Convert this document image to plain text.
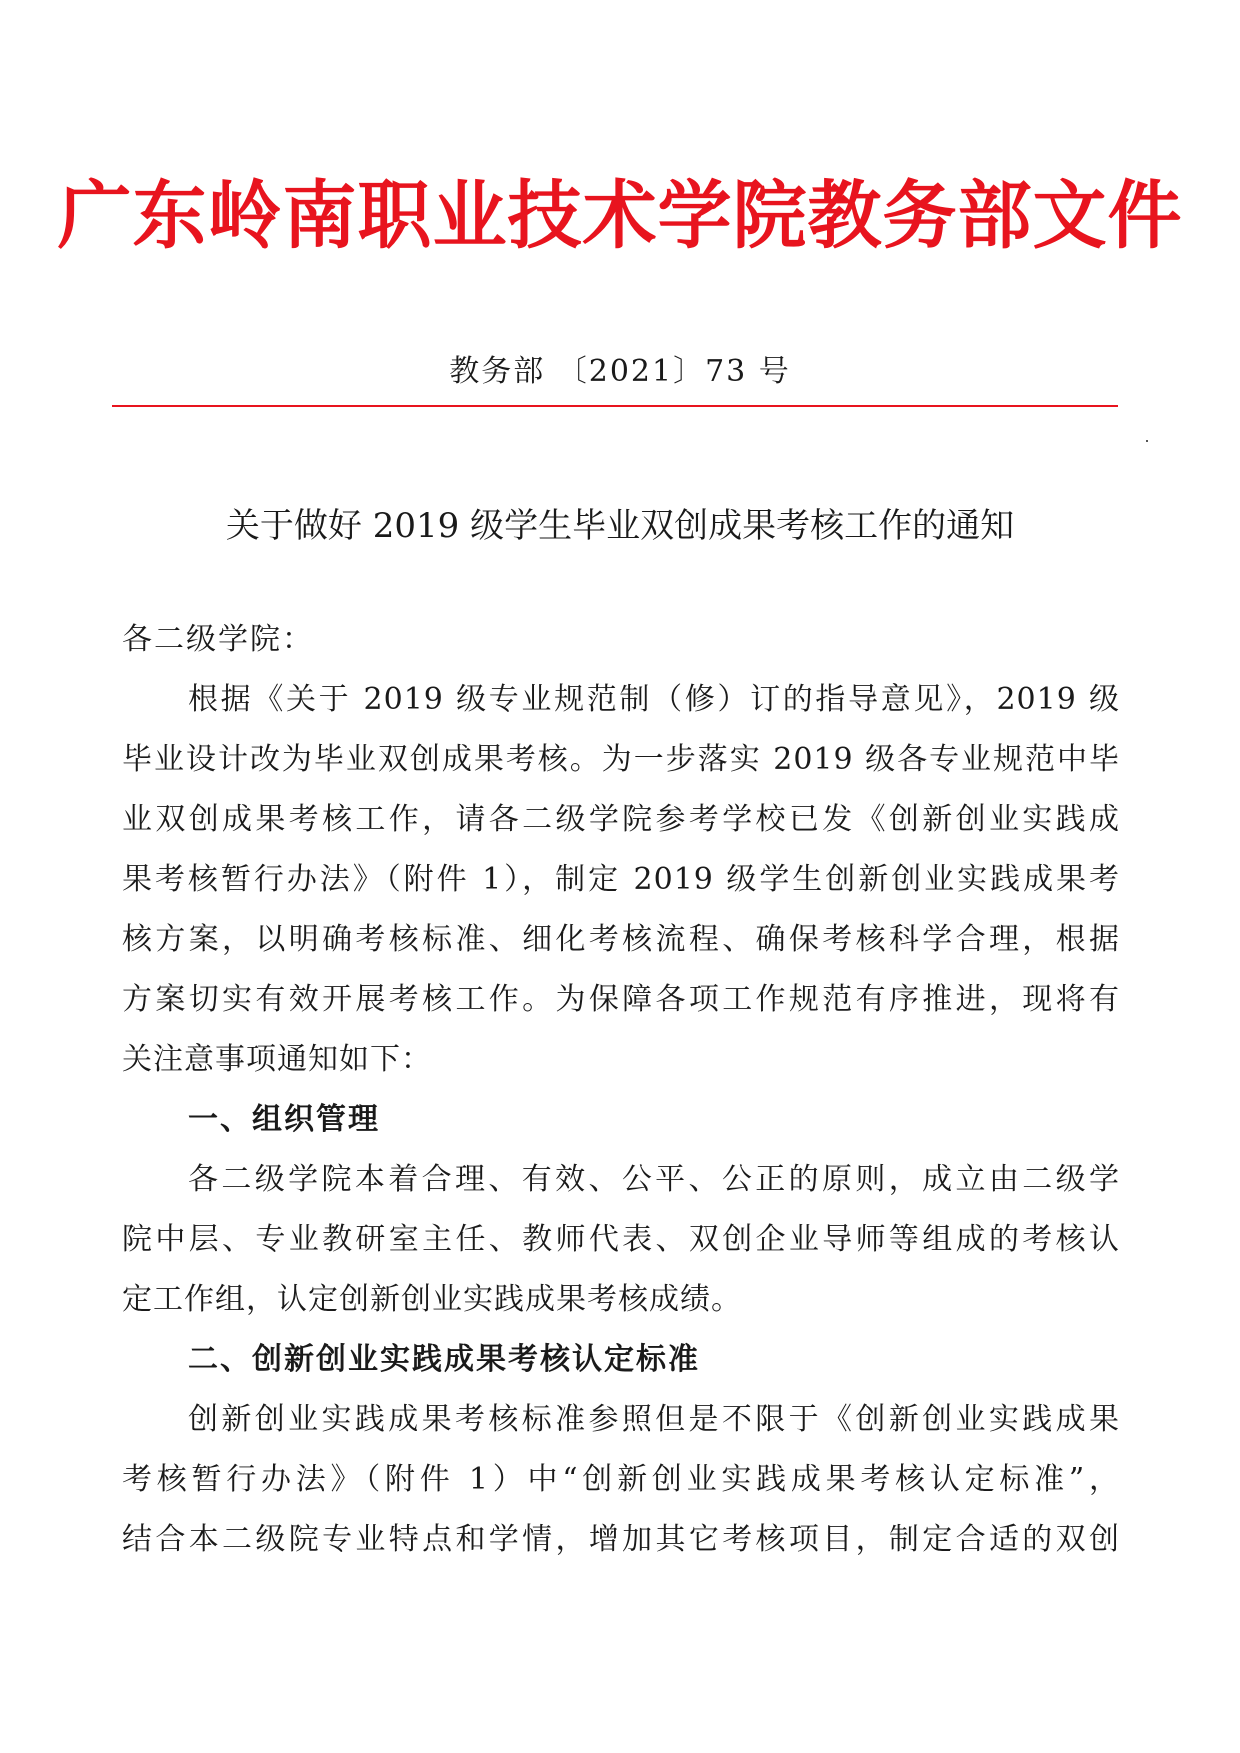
广东岭南职业技术学院教务部文件
教务部 〔2021〕73 号
关于做好 2019 级学生毕业双创成果考核工作的通知
各二级学院：
根据《关于 2019 级专业规范制（修）订的指导意见》，2019 级
毕业设计改为毕业双创成果考核。为一步落实 2019 级各专业规范中毕
业双创成果考核工作，请各二级学院参考学校已发《创新创业实践成
果考核暂行办法》（附件 1），制定 2019 级学生创新创业实践成果考
核方案，以明确考核标准、细化考核流程、确保考核科学合理，根据
方案切实有效开展考核工作。为保障各项工作规范有序推进，现将有
关注意事项通知如下：
一、组织管理
各二级学院本着合理、有效、公平、公正的原则，成立由二级学
院中层、专业教研室主任、教师代表、双创企业导师等组成的考核认
定工作组，认定创新创业实践成果考核成绩。
二、创新创业实践成果考核认定标准
创新创业实践成果考核标准参照但是不限于《创新创业实践成果
考核暂行办法》（附件 1）中“创新创业实践成果考核认定标准”，
结合本二级院专业特点和学情，增加其它考核项目，制定合适的双创
